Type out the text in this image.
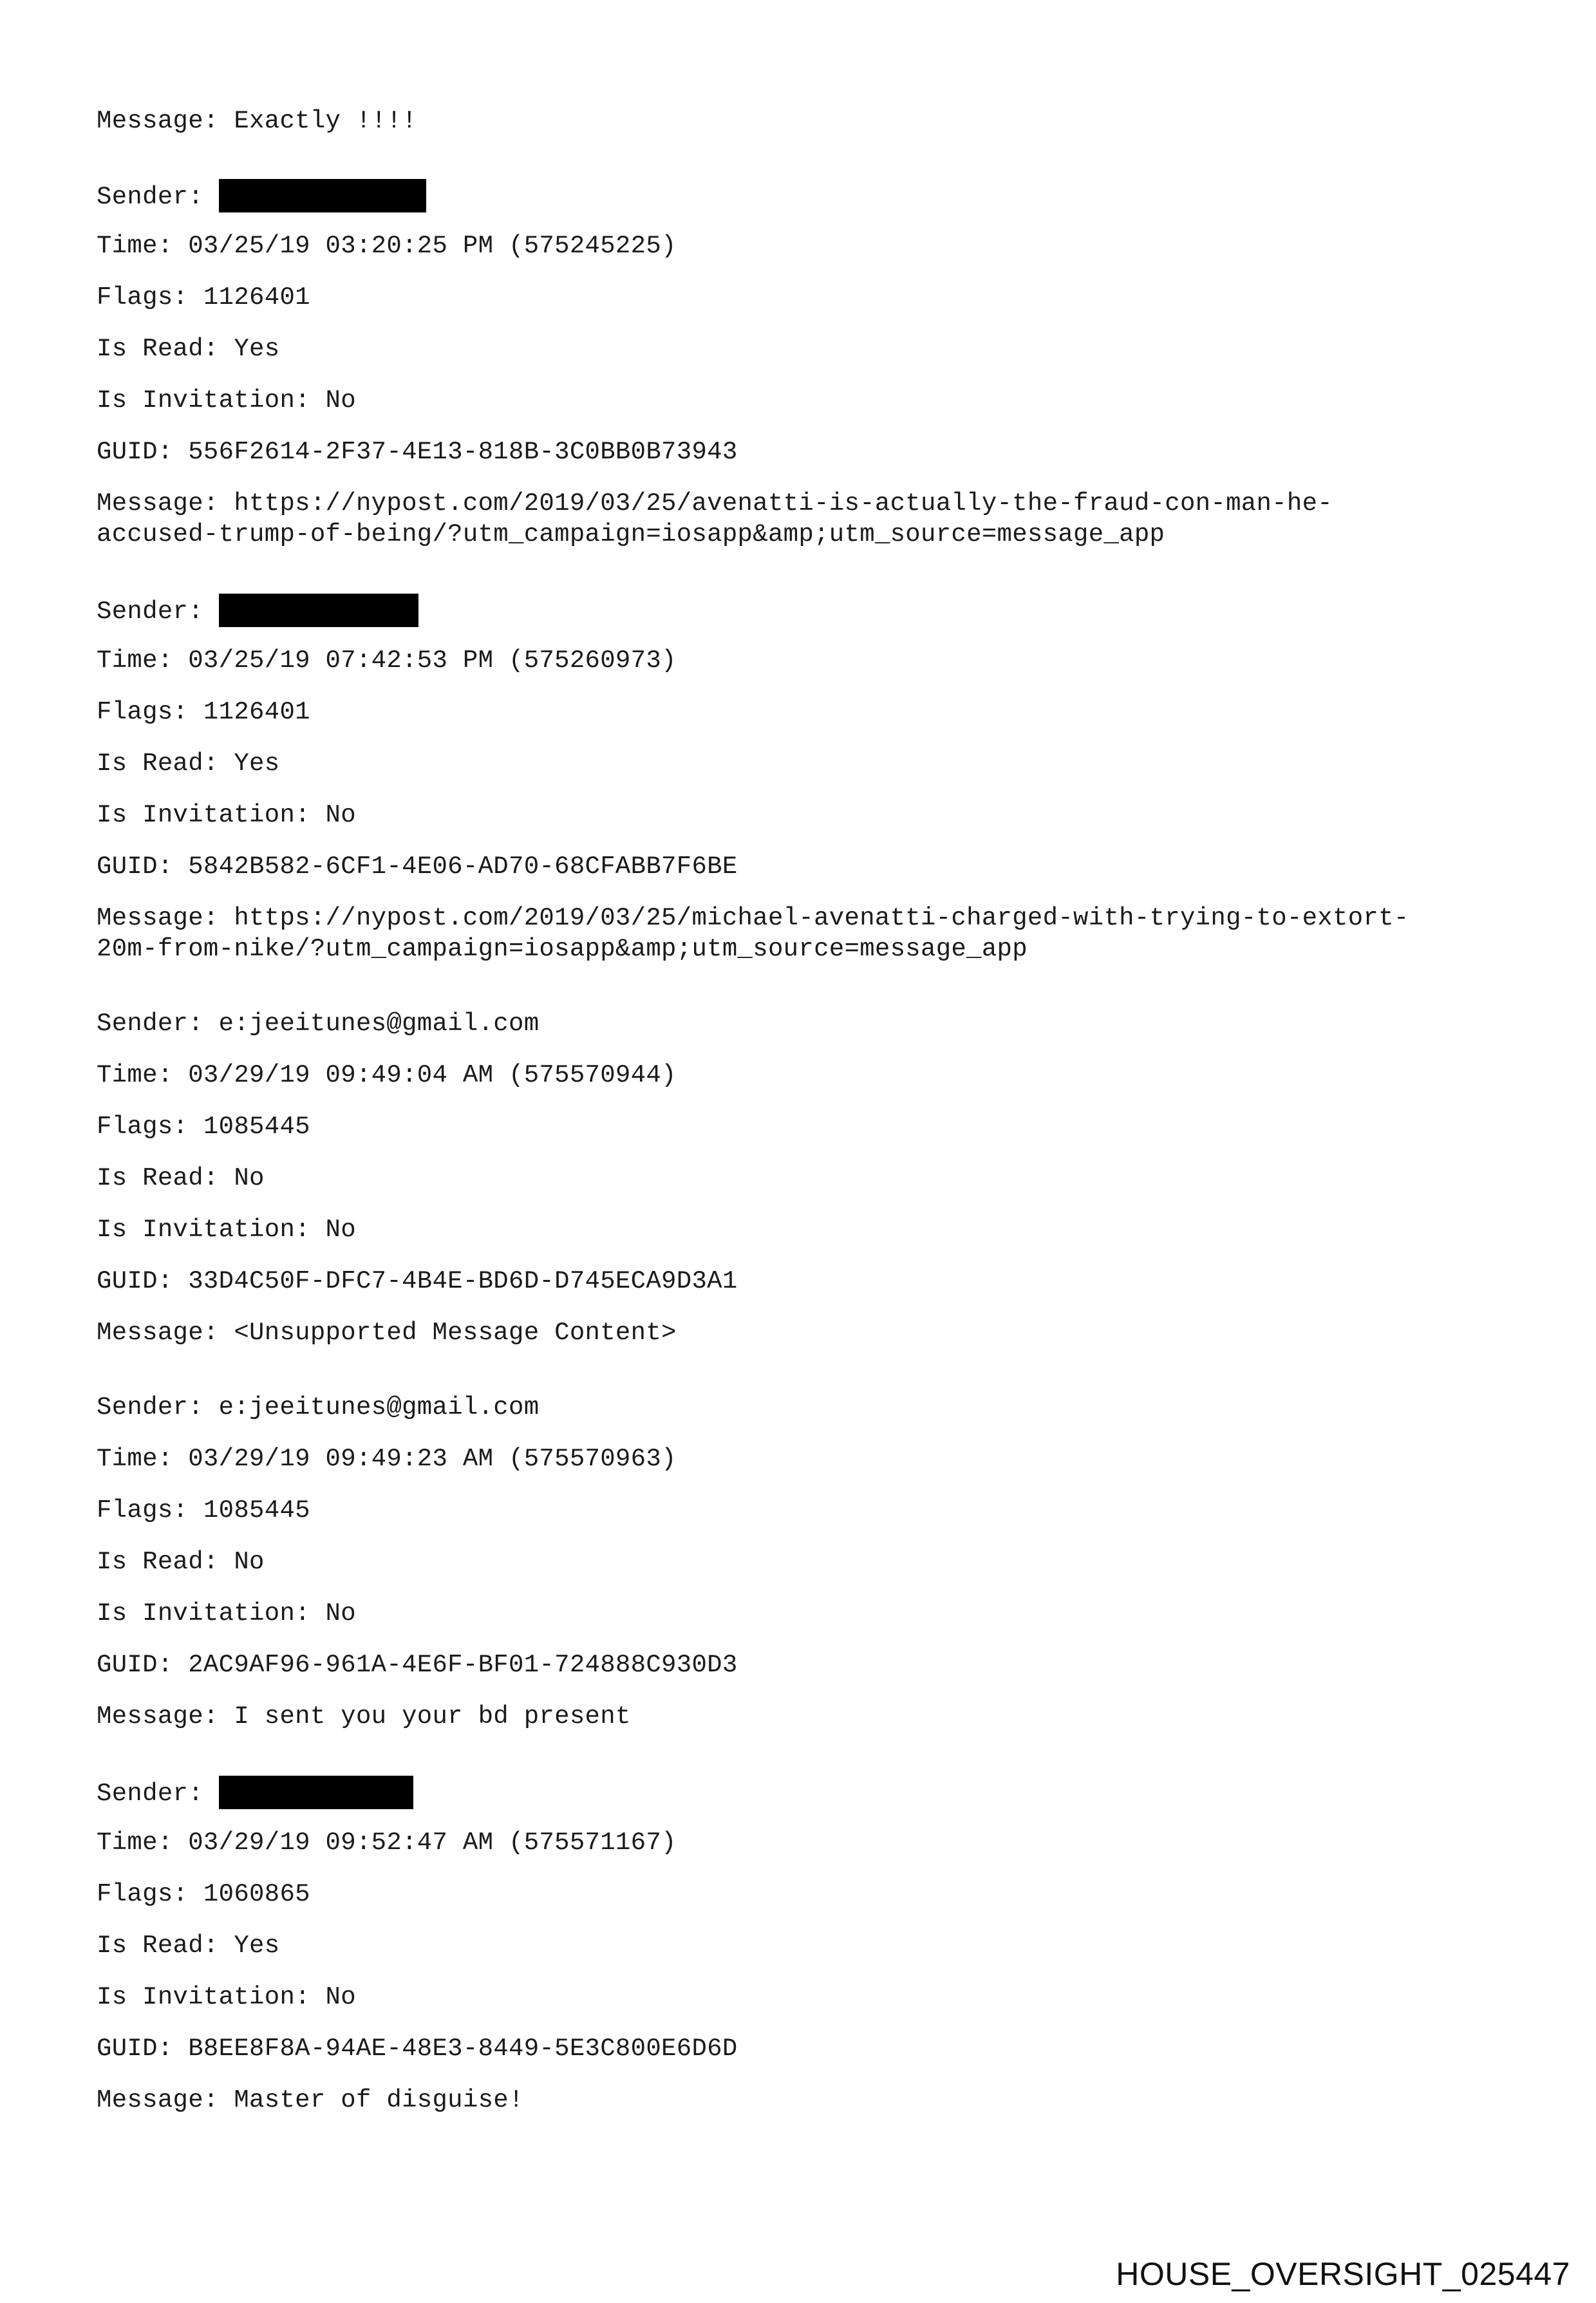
Message: Exactly !!!!
Sender:
Time: 03/25/19 03:20:25 PM (575245225)
Flags: 1126401
Is Read: Yes
Is Invitation: No
GUID: 556F2614-2F37-4E13-818B-3C0BB0B73943
Message: https://nypost.com/2019/03/25/avenatti-is-actually-the-fraud-con-man-he-
accused-trump-of-being/?utm_campaign=iosapp&amp;utm_source=message_app
Sender:
Time: 03/25/19 07:42:53 PM (575260973)
Flags: 1126401
Is Read: Yes
Is Invitation: No
GUID: 5842B582-6CF1-4E06-AD70-68CFABB7F6BE
Message: https://nypost.com/2019/03/25/michael-avenatti-charged-with-trying-to-extort-
20m-from-nike/?utm_campaign=iosapp&amp;utm_source=message_app
Sender: e:jeeitunes@gmail.com
Time: 03/29/19 09:49:04 AM (575570944)
Flags: 1085445
Is Read: No
Is Invitation: No
GUID: 33D4C50F-DFC7-4B4E-BD6D-D745ECA9D3A1
Message: <Unsupported Message Content>
Sender: e:jeeitunes@gmail.com
Time: 03/29/19 09:49:23 AM (575570963)
Flags: 1085445
Is Read: No
Is Invitation: No
GUID: 2AC9AF96-961A-4E6F-BF01-724888C930D3
Message: I sent you your bd present
Sender:
Time: 03/29/19 09:52:47 AM (575571167)
Flags: 1060865
Is Read: Yes
Is Invitation: No
GUID: B8EE8F8A-94AE-48E3-8449-5E3C800E6D6D
Message: Master of disguise!
HOUSE_OVERSIGHT_025447
